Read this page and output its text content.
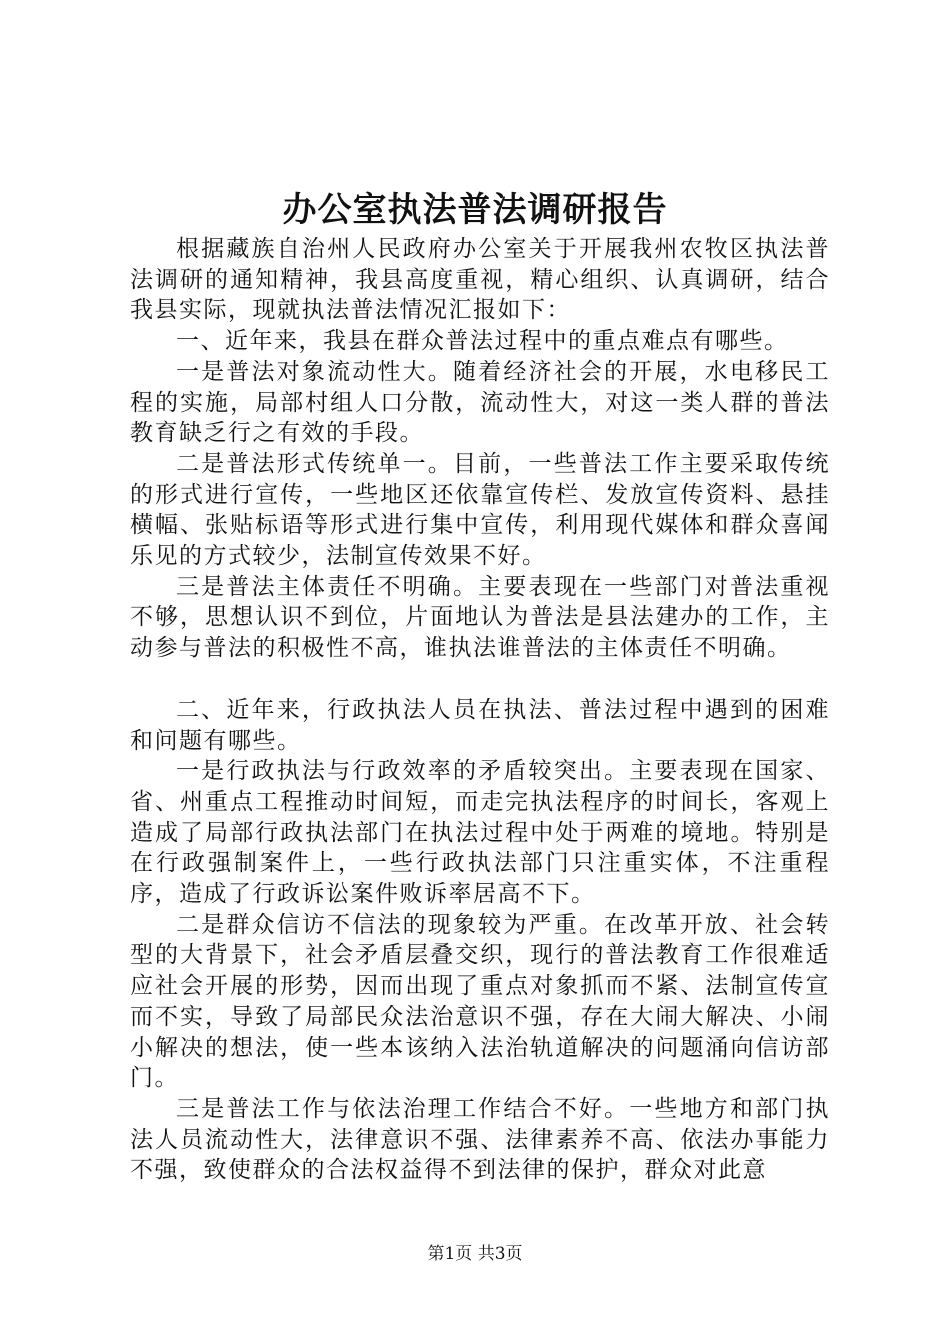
办公室执法普法调研报告

根据藏族自治州人民政府办公室关于开展我州农牧区执法普法调研的通知精神，我县高度重视，精心组织、认真调研，结合我县实际，现就执法普法情况汇报如下：

一、近年来，我县在群众普法过程中的重点难点有哪些。

一是普法对象流动性大。随着经济社会的开展，水电移民工程的实施，局部村组人口分散，流动性大，对这一类人群的普法教育缺乏行之有效的手段。

二是普法形式传统单一。目前，一些普法工作主要采取传统的形式进行宣传，一些地区还依靠宣传栏、发放宣传资料、悬挂横幅、张贴标语等形式进行集中宣传，利用现代媒体和群众喜闻乐见的方式较少，法制宣传效果不好。

三是普法主体责任不明确。主要表现在一些部门对普法重视不够，思想认识不到位，片面地认为普法是县法建办的工作，主动参与普法的积极性不高，谁执法谁普法的主体责任不明确。

二、近年来，行政执法人员在执法、普法过程中遇到的困难和问题有哪些。

一是行政执法与行政效率的矛盾较突出。主要表现在国家、省、州重点工程推动时间短，而走完执法程序的时间长，客观上造成了局部行政执法部门在执法过程中处于两难的境地。特别是在行政强制案件上，一些行政执法部门只注重实体，不注重程序，造成了行政诉讼案件败诉率居高不下。

二是群众信访不信法的现象较为严重。在改革开放、社会转型的大背景下，社会矛盾层叠交织，现行的普法教育工作很难适应社会开展的形势，因而出现了重点对象抓而不紧、法制宣传宣而不实，导致了局部民众法治意识不强，存在大闹大解决、小闹小解决的想法，使一些本该纳入法治轨道解决的问题涌向信访部门。

三是普法工作与依法治理工作结合不好。一些地方和部门执法人员流动性大，法律意识不强、法律素养不高、依法办事能力不强，致使群众的合法权益得不到法律的保护，群众对此意

第1页 共3页
